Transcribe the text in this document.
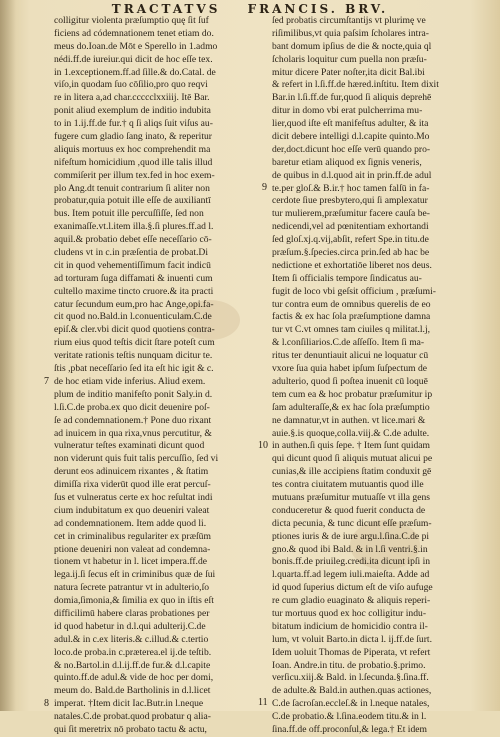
TRACTATVS FRANCIS. BRV.
colligitur violenta præſumptio quę ſit ſuf
ficiens ad códemnationem tenet etiam do.
meus do.Ioan.de Mōt e Sperello in 1.admo
nédi.ff.de iureiur.qui dicit de hoc eſſe tex.
in 1.exceptionem.ff.ad ſille.& do.Catal. de
viſo,in quodam ſuo cōſilio,pro quo reqvi
re in litera a,ad char.ccccclxxiiij. Itē Bar.
ponit aliud exemplum de inditio indubita
to in 1.ij.ff.de fur.† q ſi aliqs ſuit viſus au-
fugere cum gladio ſang inato, & reperitur
aliquis mortuus ex hoc comprehendit ma
nifeſtum homicidium ,quod ille talis illud
commiſerit per illum tex.fed in hoc exem-
plo Ang.dt tenuit contrarium ſi aliter non
probatur,quia potuit ille eſſe de auxiliantī
bus. Item potuit ille percuſſiſſe, ſed non
exanimaſſe.vt.l.item illa.§.ſi plures.ff.ad l.
aquil.& probatio debet eſſe neceſſario cō-
cludens vt in c.in præſentia de probat.Di
cit in quod vehementiſſimum facit indicū
ad torturam ſuga diffamati & inuenti cum
cultello maxime tincto cruore.& ita practi
catur ſecundum eum,pro hac Ange,opi.fa-
cit quod no.Bald.in l.conuenticulam.C.de
epiſ.& cler.vbi dicit quod quotiens contra-
rium eius quod teſtis dicit ſtare poteſt cum
veritate rationis teſtis nunquam dicitur te.
ſtis ,pbat neceſſario ſed ita eſt hic igit & c.
de hoc etiam vide inferius. Aliud exem.
plum de inditio manifeſto ponit Saly.in d.
l.ſi.C.de proba.ex quo dicit deuenire poſ-
ſe ad condemnationem.† Pone duo rixant
ad inuicem in qua rixa,vnus percutitur, &
vulneratur teſtes examinati dicunt quod
non viderunt quis fuit talis percuſſio, ſed vi
derunt eos adinuicem rixantes , & ſtatim
dimiſſa rixa viderūt quod ille erat percuſ-
ſus et vulneratus certe ex hoc reſultat indi
cium indubitatum ex quo deueniri valeat
ad condemnationem. Item adde quod li.
cet in criminalibus regulariter ex præſūm
ptione deueniri non valeat ad condemna-
tionem vt habetur in l. licet impera.ff.de
lega.ij.ſi ſecus eſt in criminibus quæ de ſui
natura ſecrete patrantur vt in adulterio,ſo
domia,ſimonia,& ſimilia ex quo in iſtis eſt
difficilimū habere claras probationes per
id quod habetur in d.l.qui adulterij.C.de
adul.& in c.ex literis.& c.illud.& c.tertio
loco.de proba.in c.præterea.el ij.de teſtib.
& no.Bartol.in d.l.ij.ff.de fur.& d.l.capite
quinto.ff.de adul.& vide de hoc per domi,
meum do. Bald.de Bartholinis in d.l.licet
imperat. †Item dicit Iac.Butr.in l.neque
natales.C.de probat.quod probatur q alia-
qui ſit meretrix nō probato tactu & actu,
ſed probatis circumſtantijs vt plurimę ve
riſimilibus,vt quia paſsim ſcholares intra-
bant domum ipſius de die & nocte,quia ql
ſcholaris loquitur cum puella non præſu-
mitur dicere Pater noſter,ita dicit Bal.ibi
& refert in l.ſi.ff.de hæred.inſtitu. Item dixit
Bar.in l.ſi.ff.de fur,quod ſi aliquis deprehē
ditur in domo vbi erat pulcherrima mu-
lier,quod iſte eſt manifeſtus adulter, & ita
dicit debere intelligi d.l.capite quinto.Mo
der,doct.dicunt hoc eſſe verū quando pro-
baretur etiam aliquod ex ſignis veneris,
de quibus in d.l.quod ait in prin.ff.de adul
te.per gloſ.& B.ir.† hoc tamen falſū in fa-
cerdote ſiue presbytero,qui ſi amplexatur
tur mulierem,præſumitur facere cauſa be-
nedicendi,vel ad pœnitentiam exhortandi
ſed gloſ.xj.q.vij,abſit, refert Spe.in titu.de
præſum.§.ſpecies.circa prin.ſed ab hac be
nedictione et exhortatiōe liberet nos deus.
Item ſi officialis tempore ſindicatus au-
fugit de loco vbi geſsit officium , præſumi-
tur contra eum de omnibus querelis de eo
factis & ex hac ſola præſumptione damna
tur vt C.vt omnes tam ciuiles q militat.l.j,
& l.conſiliarios.C.de aſſeſſo. Item ſi ma-
ritus ter denuntiauit alicui ne loquatur cū
vxore ſua quia habet ipſum ſuſpectum de
adulterio, quod ſi poſtea inuenit cū loquē
tem cum ea & hoc probatur præſumitur ip
ſam adulteraſſe,& ex hac ſola præſumptio
ne damnatur,vt in authen. vt lice.mari &
auie.§.is quoque,colla.viij.& C.de adulte.
in authen.ſi quis ſepe. † Item ſunt quidam
qui dicunt quod ſi aliquis mutuat alicui pe
cunias,& ille accipiens ſtatim conduxit gē
tes contra ciuitatem mutuantis quod ille
mutuans præſumitur mutuaſſe vt illa gens
conduceretur & quod fuerit conducta de
dicta pecunia, & tunc dicunt eſſe præſum-
ptiones iuris & de iure argu.l.ſina.C.de pi
gno.& quod ibi Bald. & in l.ſi ventri.§.in
bonis.ff.de priuileg.credi.ita dicunt ipſi in
l.quarta.ff.ad legem iuli.maieſta. Adde ad
id quod ſuperius dictum eſt de viſo aufuge
re cum gladio euaginato & aliquis reperi-
tur mortuus quod ex hoc colligitur indu-
bitatum indicium de homicidio contra il-
lum, vt voluit Barto.in dicta l. ij.ff.de ſurt.
Idem uoluit Thomas de Piperata, vt refert
Ioan. Andre.in titu. de probatio.§.primo.
verſicu.xiij.& Bald. in l.ſecunda.§.ſina.ff.
de adulte.& Bald.in authen.quas actiones,
C.de ſacroſan.eccleſ.& in l.neque natales,
C.de probatio.& l.ſina.eodem titu.& in l.
ſina.ff.de off.proconſul,& lega.† Et idem
7
8
9
10
11
